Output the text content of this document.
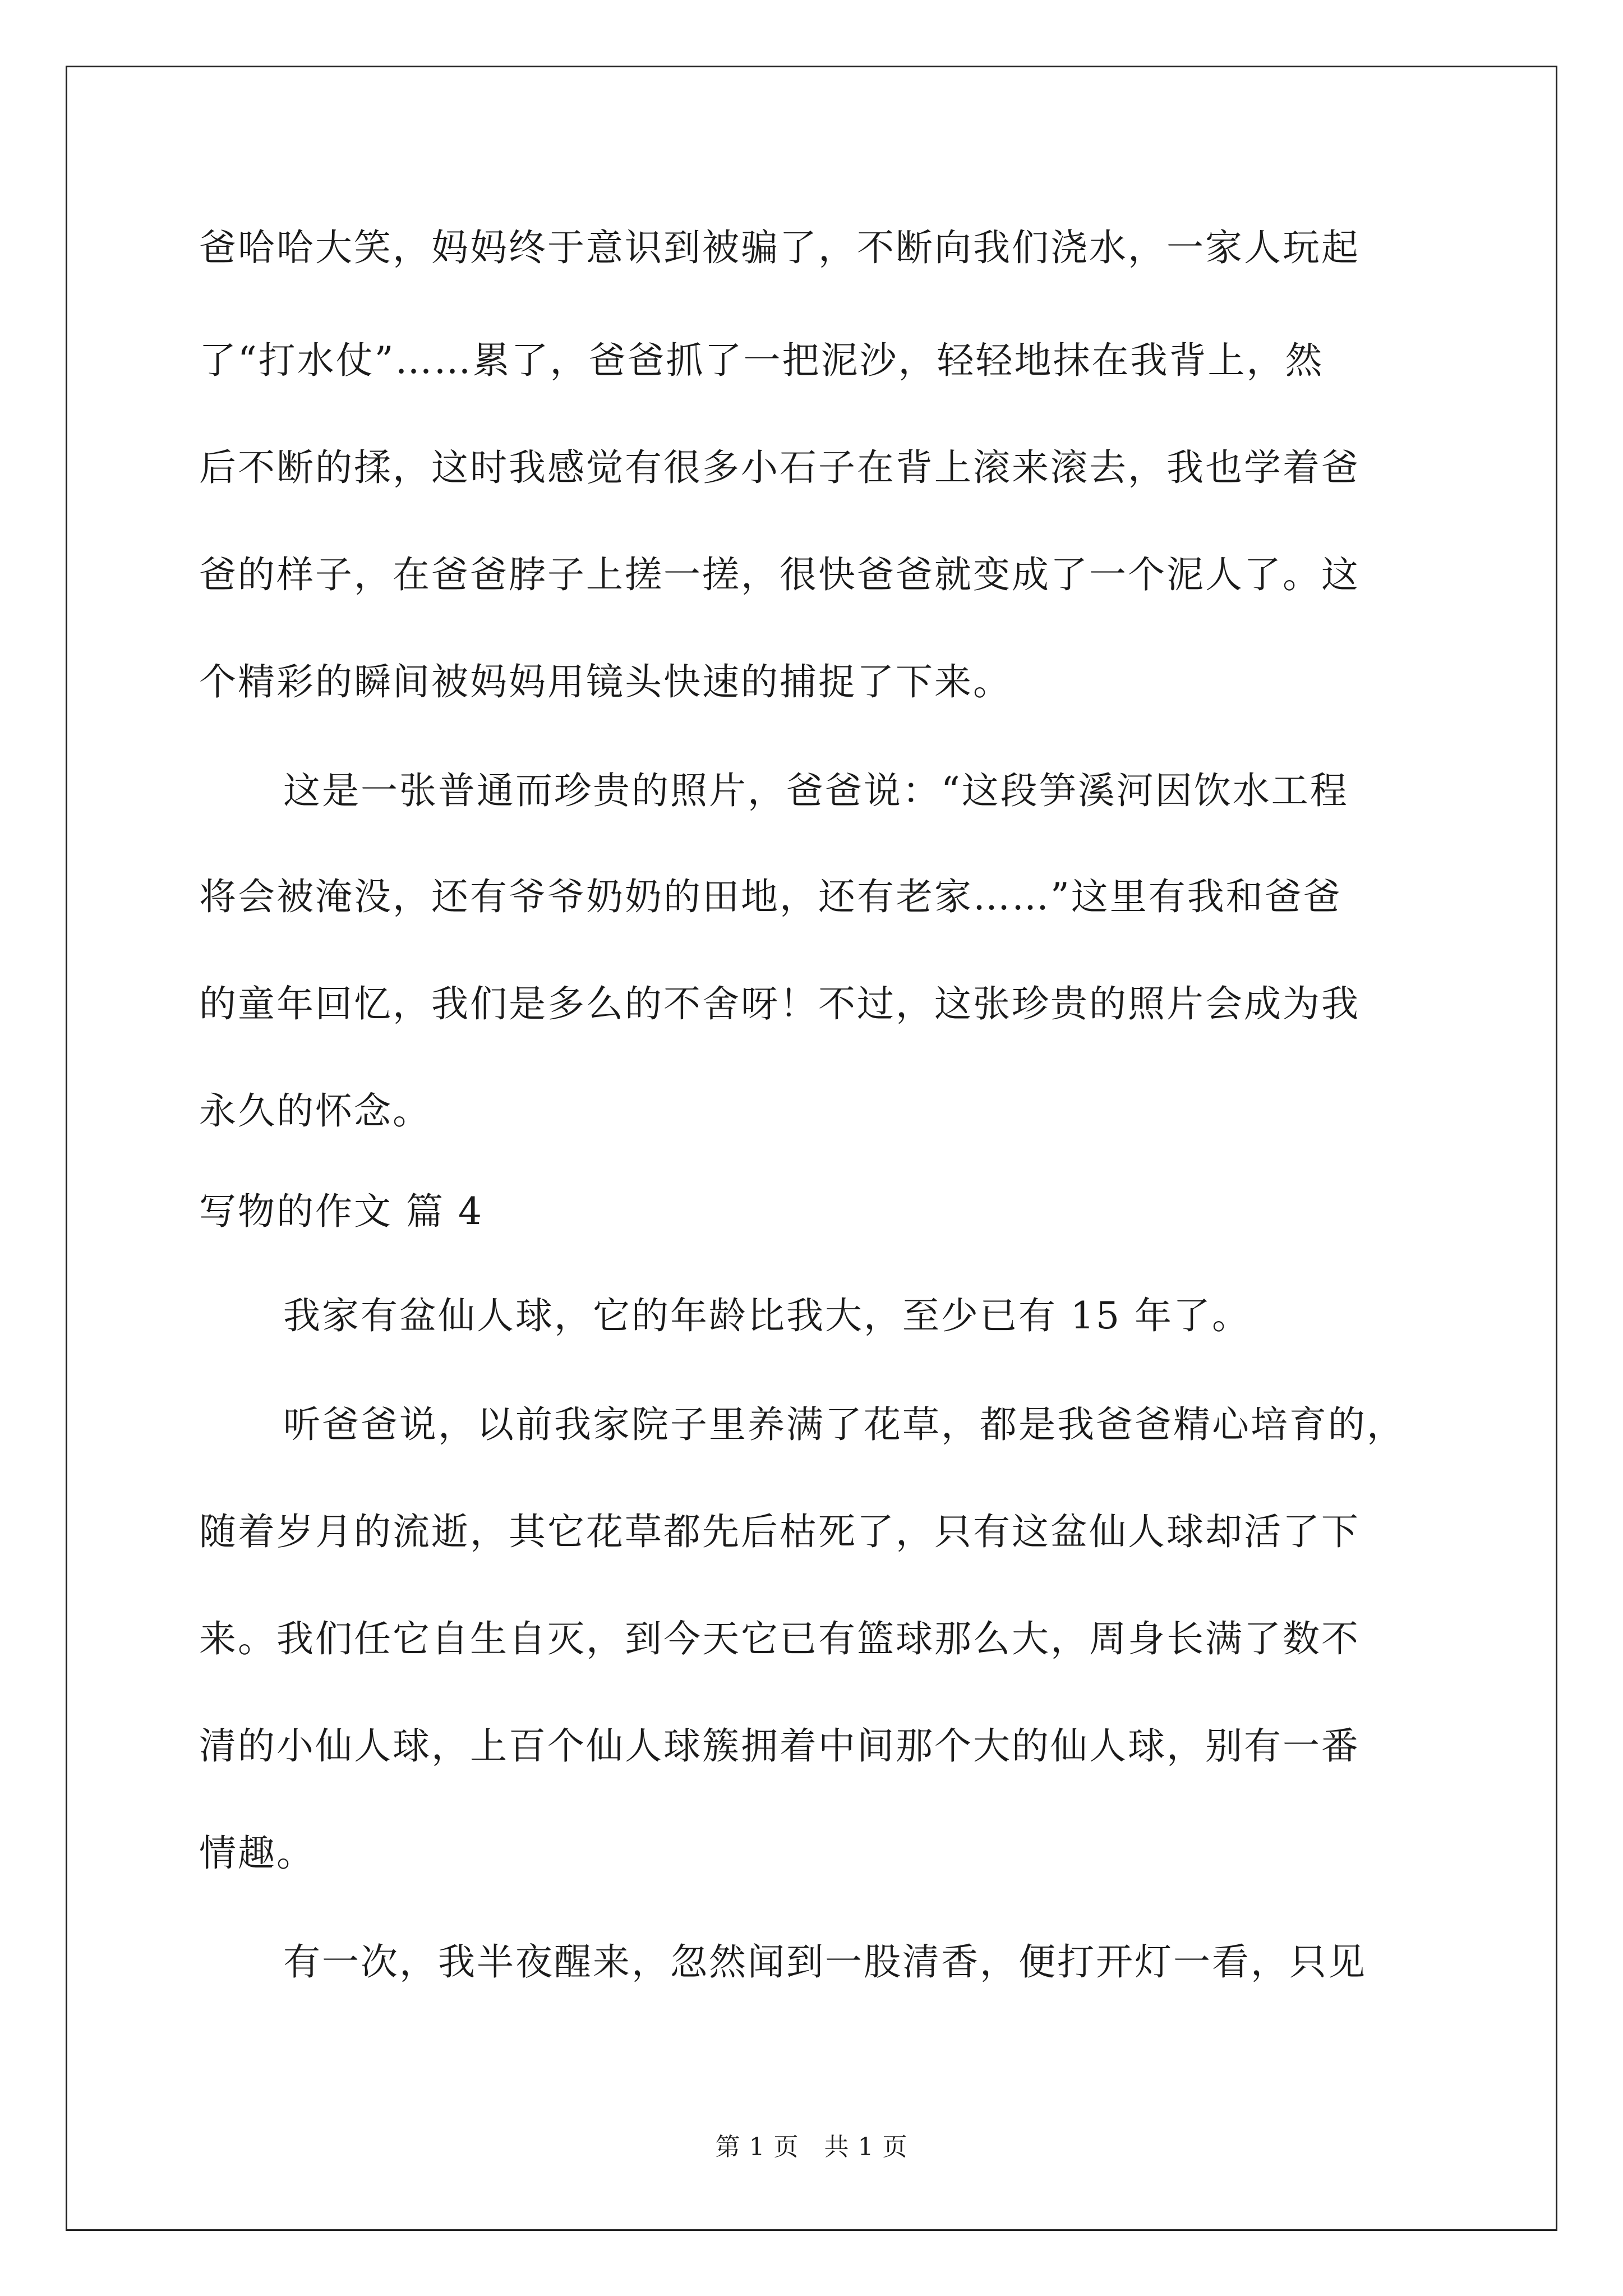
爸哈哈大笑，妈妈终于意识到被骗了，不断向我们浇水，一家人玩起
了“打水仗”……累了，爸爸抓了一把泥沙，轻轻地抹在我背上，然
后不断的揉，这时我感觉有很多小石子在背上滚来滚去，我也学着爸
爸的样子，在爸爸脖子上搓一搓，很快爸爸就变成了一个泥人了。这
个精彩的瞬间被妈妈用镜头快速的捕捉了下来。
这是一张普通而珍贵的照片，爸爸说：“这段笋溪河因饮水工程
将会被淹没，还有爷爷奶奶的田地，还有老家……”这里有我和爸爸
的童年回忆，我们是多么的不舍呀！不过，这张珍贵的照片会成为我
永久的怀念。
写物的作文 篇 4
我家有盆仙人球，它的年龄比我大，至少已有 15 年了。
听爸爸说，以前我家院子里养满了花草，都是我爸爸精心培育的，
随着岁月的流逝，其它花草都先后枯死了，只有这盆仙人球却活了下
来。我们任它自生自灭，到今天它已有篮球那么大，周身长满了数不
清的小仙人球，上百个仙人球簇拥着中间那个大的仙人球，别有一番
情趣。
有一次，我半夜醒来，忽然闻到一股清香，便打开灯一看，只见
第 1 页　共 1 页
